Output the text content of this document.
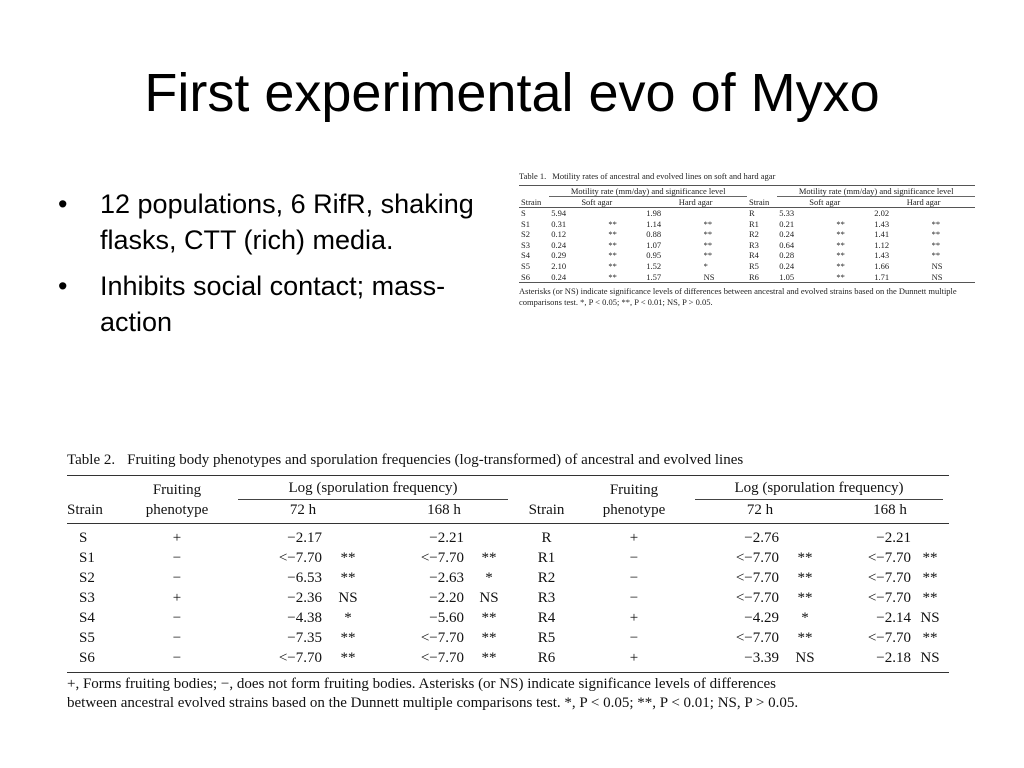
First experimental evo of Myxo
• 12 populations, 6 RifR, shaking flasks, CTT (rich) media.
• Inhibits social contact; mass-action
Table 1. Motility rates of ancestral and evolved lines on soft and hard agar
	Motility rate (mm/day) and significance level					Motility rate (mm/day) and significance level			
Strain	Soft agar		Hard agar		Strain	Soft agar		Hard agar	
S	5.94		1.98		R	5.33		2.02	
S1	0.31	**	1.14	**	R1	0.21	**	1.43	**
S2	0.12	**	0.88	**	R2	0.24	**	1.41	**
S3	0.24	**	1.07	**	R3	0.64	**	1.12	**
S4	0.29	**	0.95	**	R4	0.28	**	1.43	**
S5	2.10	**	1.52	*	R5	0.24	**	1.66	NS
S6	0.24	**	1.57	NS	R6	1.05	**	1.71	NS
Asterisks (or NS) indicate significance levels of differences between ancestral and evolved strains based on the Dunnett multiple comparisons test. *, P < 0.05; **, P < 0.01; NS, P > 0.05.
Table 2. Fruiting body phenotypes and sporulation frequencies (log-transformed) of ancestral and evolved lines
	Fruiting	Log (sporulation frequency)					Fruiting	Log (sporulation frequency)			

Strain	phenotype	72 h		168 h		Strain	phenotype	72 h		168 h	
S	+	−2.17		−2.21		R	+	−2.76		−2.21	
S1	−	<−7.70	**	<−7.70	**	R1	−	<−7.70	**	<−7.70	**
S2	−	−6.53	**	−2.63	*	R2	−	<−7.70	**	<−7.70	**
S3	+	−2.36	NS	−2.20	NS	R3	−	<−7.70	**	<−7.70	**
S4	−	−4.38	*	−5.60	**	R4	+	−4.29	*	−2.14	NS
S5	−	−7.35	**	<−7.70	**	R5	−	<−7.70	**	<−7.70	**
S6	−	<−7.70	**	<−7.70	**	R6	+	−3.39	NS	−2.18	NS
+, Forms fruiting bodies; −, does not form fruiting bodies. Asterisks (or NS) indicate significance levels of differences
between ancestral evolved strains based on the Dunnett multiple comparisons test. *, P < 0.05; **, P < 0.01; NS, P > 0.05.
